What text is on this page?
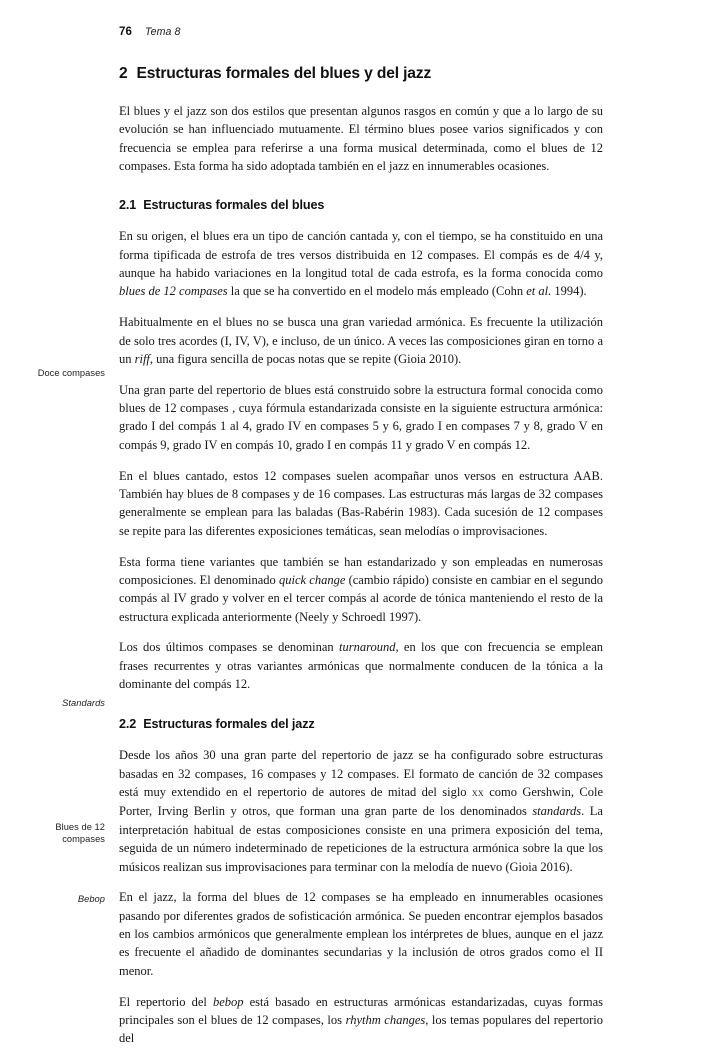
76 Tema 8
Doce compases
Standards
Blues de 12 compases
Bebop
2 Estructuras formales del blues y del jazz

El blues y el jazz son dos estilos que presentan algunos rasgos en común y que a lo largo de su evolución se han influenciado mutuamente. El término blues posee varios significados y con frecuencia se emplea para referirse a una forma musical determinada, como el blues de 12 compases. Esta forma ha sido adoptada también en el jazz en innumerables ocasiones.

2.1 Estructuras formales del blues

En su origen, el blues era un tipo de canción cantada y, con el tiempo, se ha constituido en una forma tipificada de estrofa de tres versos distribuida en 12 compases. El compás es de 4/4 y, aunque ha habido variaciones en la longitud total de cada estrofa, es la forma conocida como blues de 12 compases la que se ha convertido en el modelo más empleado (Cohn et al. 1994).

Habitualmente en el blues no se busca una gran variedad armónica. Es frecuente la utilización de solo tres acordes (I, IV, V), e incluso, de un único. A veces las composiciones giran en torno a un riff, una figura sencilla de pocas notas que se repite (Gioia 2010).

Una gran parte del repertorio de blues está construido sobre la estructura formal conocida como blues de 12 compases , cuya fórmula estandarizada consiste en la siguiente estructura armónica: grado I del compás 1 al 4, grado IV en compases 5 y 6, grado I en compases 7 y 8, grado V en compás 9, grado IV en compás 10, grado I en compás 11 y grado V en compás 12.

En el blues cantado, estos 12 compases suelen acompañar unos versos en estructura AAB. También hay blues de 8 compases y de 16 compases. Las estructuras más largas de 32 compases generalmente se emplean para las baladas (Bas-Rabérin 1983). Cada sucesión de 12 compases se repite para las diferentes exposiciones temáticas, sean melodías o improvisaciones.

Esta forma tiene variantes que también se han estandarizado y son empleadas en numerosas composiciones. El denominado quick change (cambio rápido) consiste en cambiar en el segundo compás al IV grado y volver en el tercer compás al acorde de tónica manteniendo el resto de la estructura explicada anteriormente (Neely y Schroedl 1997).

Los dos últimos compases se denominan turnaround, en los que con frecuencia se emplean frases recurrentes y otras variantes armónicas que normalmente conducen de la tónica a la dominante del compás 12.

2.2 Estructuras formales del jazz

Desde los años 30 una gran parte del repertorio de jazz se ha configurado sobre estructuras basadas en 32 compases, 16 compases y 12 compases. El formato de canción de 32 compases está muy extendido en el repertorio de autores de mitad del siglo xx como Gershwin, Cole Porter, Irving Berlin y otros, que forman una gran parte de los denominados standards. La interpretación habitual de estas composiciones consiste en una primera exposición del tema, seguida de un número indeterminado de repeticiones de la estructura armónica sobre la que los músicos realizan sus improvisaciones para terminar con la melodía de nuevo (Gioia 2016).

En el jazz, la forma del blues de 12 compases se ha empleado en innumerables ocasiones pasando por diferentes grados de sofisticación armónica. Se pueden encontrar ejemplos basados en los cambios armónicos que generalmente emplean los intérpretes de blues, aunque en el jazz es frecuente el añadido de dominantes secundarias y la inclusión de otros grados como el II menor.

El repertorio del bebop está basado en estructuras armónicas estandarizadas, cuyas formas principales son el blues de 12 compases, los rhythm changes, los temas populares del repertorio del
